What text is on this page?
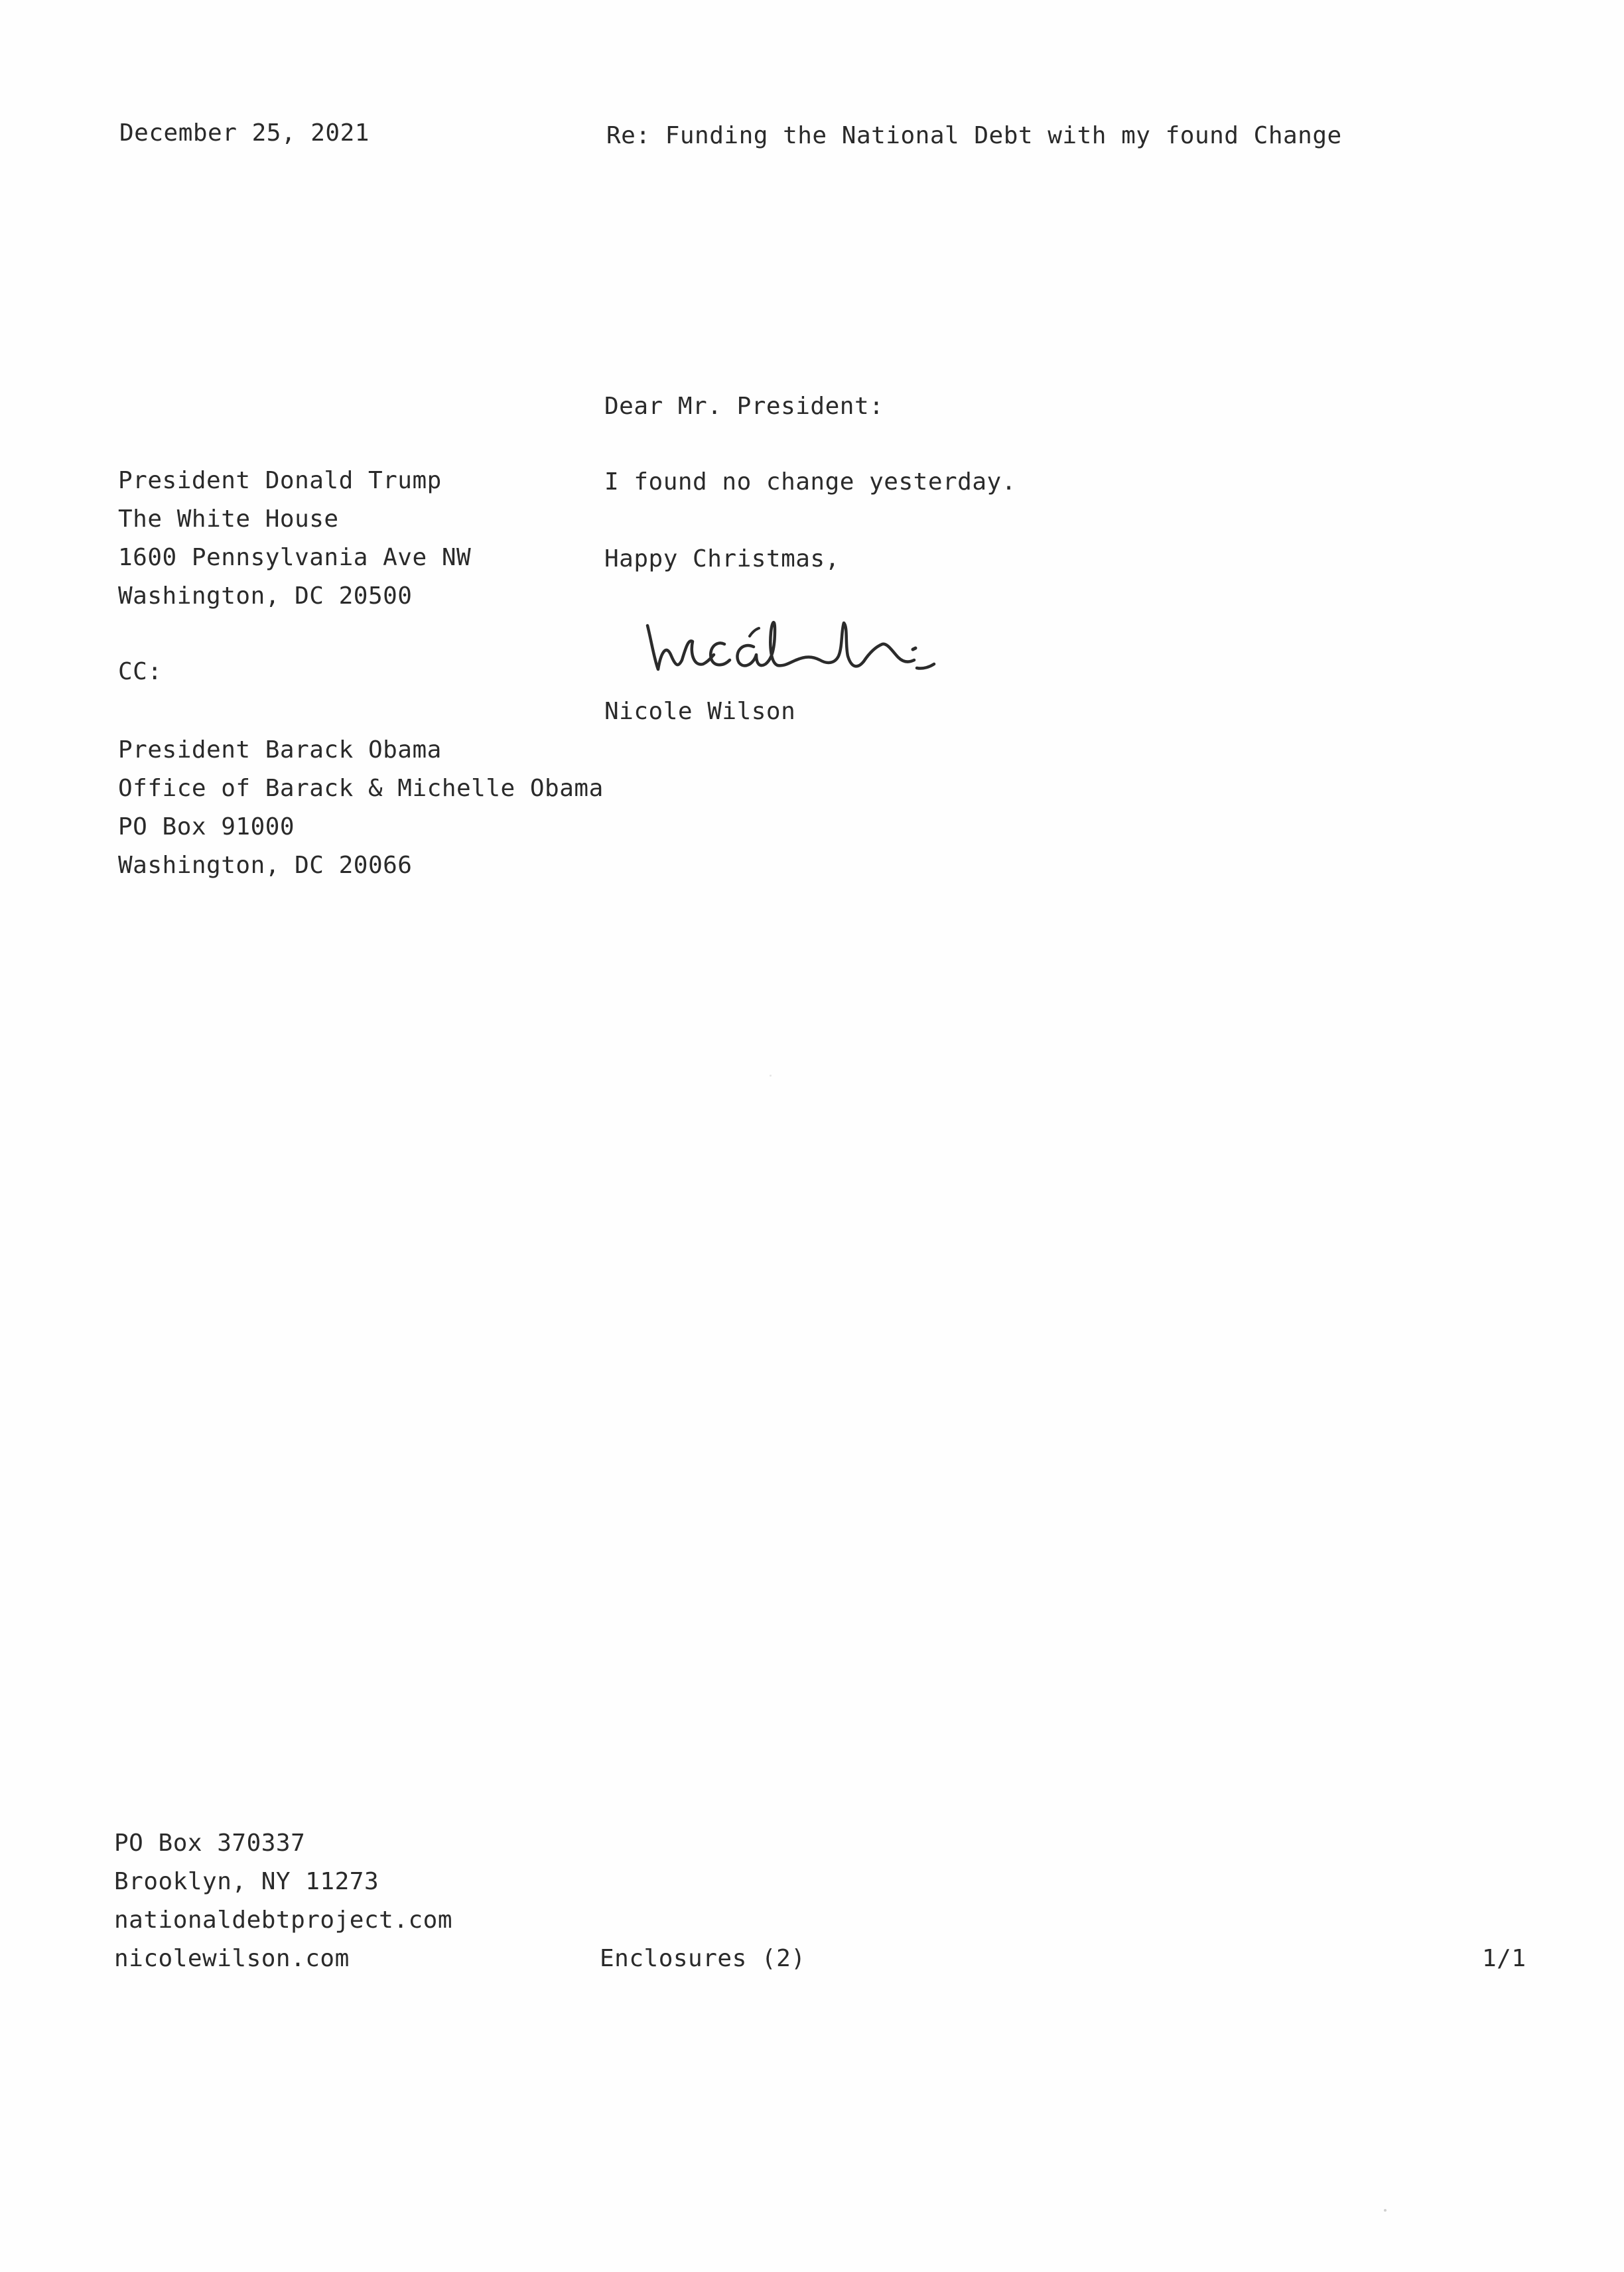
December 25, 2021	Re: Funding the National Debt with my found Change
Dear Mr. President:
President Donald Trump
The White House
1600 Pennsylvania Ave NW
Washington, DC 20500
I found no change yesterday.
Happy Christmas,
Nicole Wilson
CC:
President Barack Obama
Office of Barack & Michelle Obama
PO Box 91000
Washington, DC 20066
PO Box 370337
Brooklyn, NY 11273
nationaldebtproject.com
nicolewilson.com	Enclosures (2)	1/1
